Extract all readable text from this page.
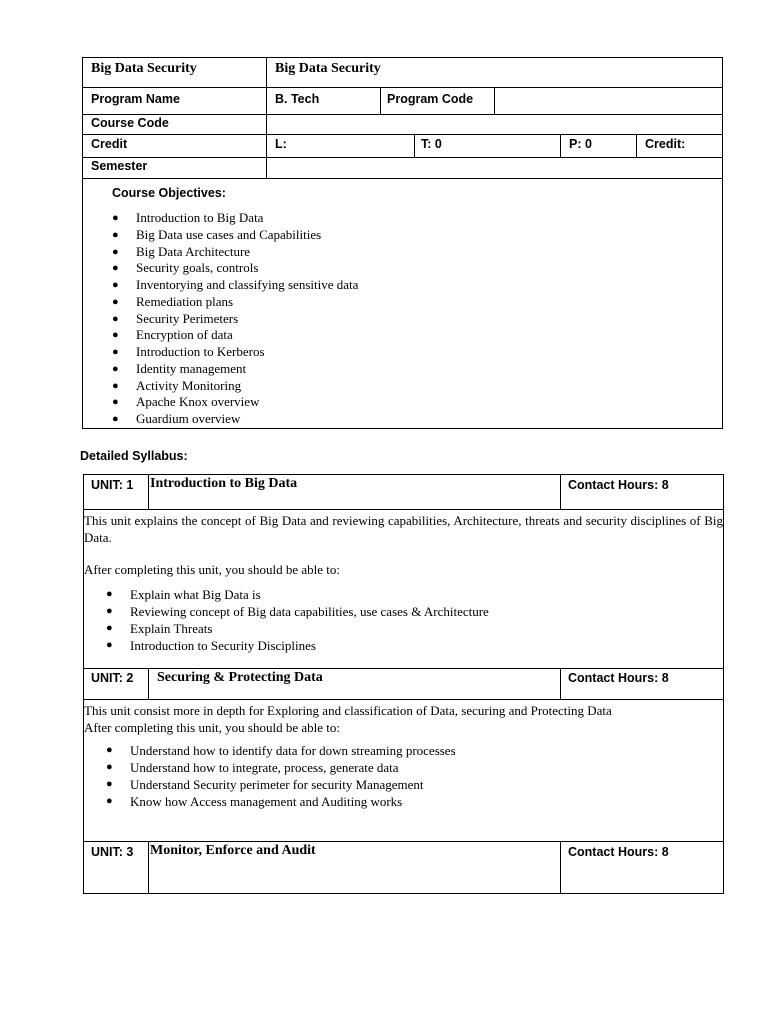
Big Data Security	Big Data Security
Program Name	B. Tech	Program Code
Course Code
Credit	L:	T: 0	P: 0	Credit:
Semester
Course Objectives:
● Introduction to Big Data
● Big Data use cases and Capabilities
● Big Data Architecture
● Security goals, controls
● Inventorying and classifying sensitive data
● Remediation plans
● Security Perimeters
● Encryption of data
● Introduction to Kerberos
● Identity management
● Activity Monitoring
● Apache Knox overview
● Guardium overview
Detailed Syllabus:
UNIT: 1 Introduction to Big Data	Contact Hours: 8
This unit explains the concept of Big Data and reviewing capabilities, Architecture, threats and security disciplines of Big Data.
After completing this unit, you should be able to:
● Explain what Big Data is
● Reviewing concept of Big data capabilities, use cases & Architecture
● Explain Threats
● Introduction to Security Disciplines
UNIT: 2 Securing & Protecting Data	Contact Hours: 8
This unit consist more in depth for Exploring and classification of Data, securing and Protecting Data
After completing this unit, you should be able to:
● Understand how to identify data for down streaming processes
● Understand how to integrate, process, generate data
● Understand Security perimeter for security Management
● Know how Access management and Auditing works
UNIT: 3 Monitor, Enforce and Audit	Contact Hours: 8
